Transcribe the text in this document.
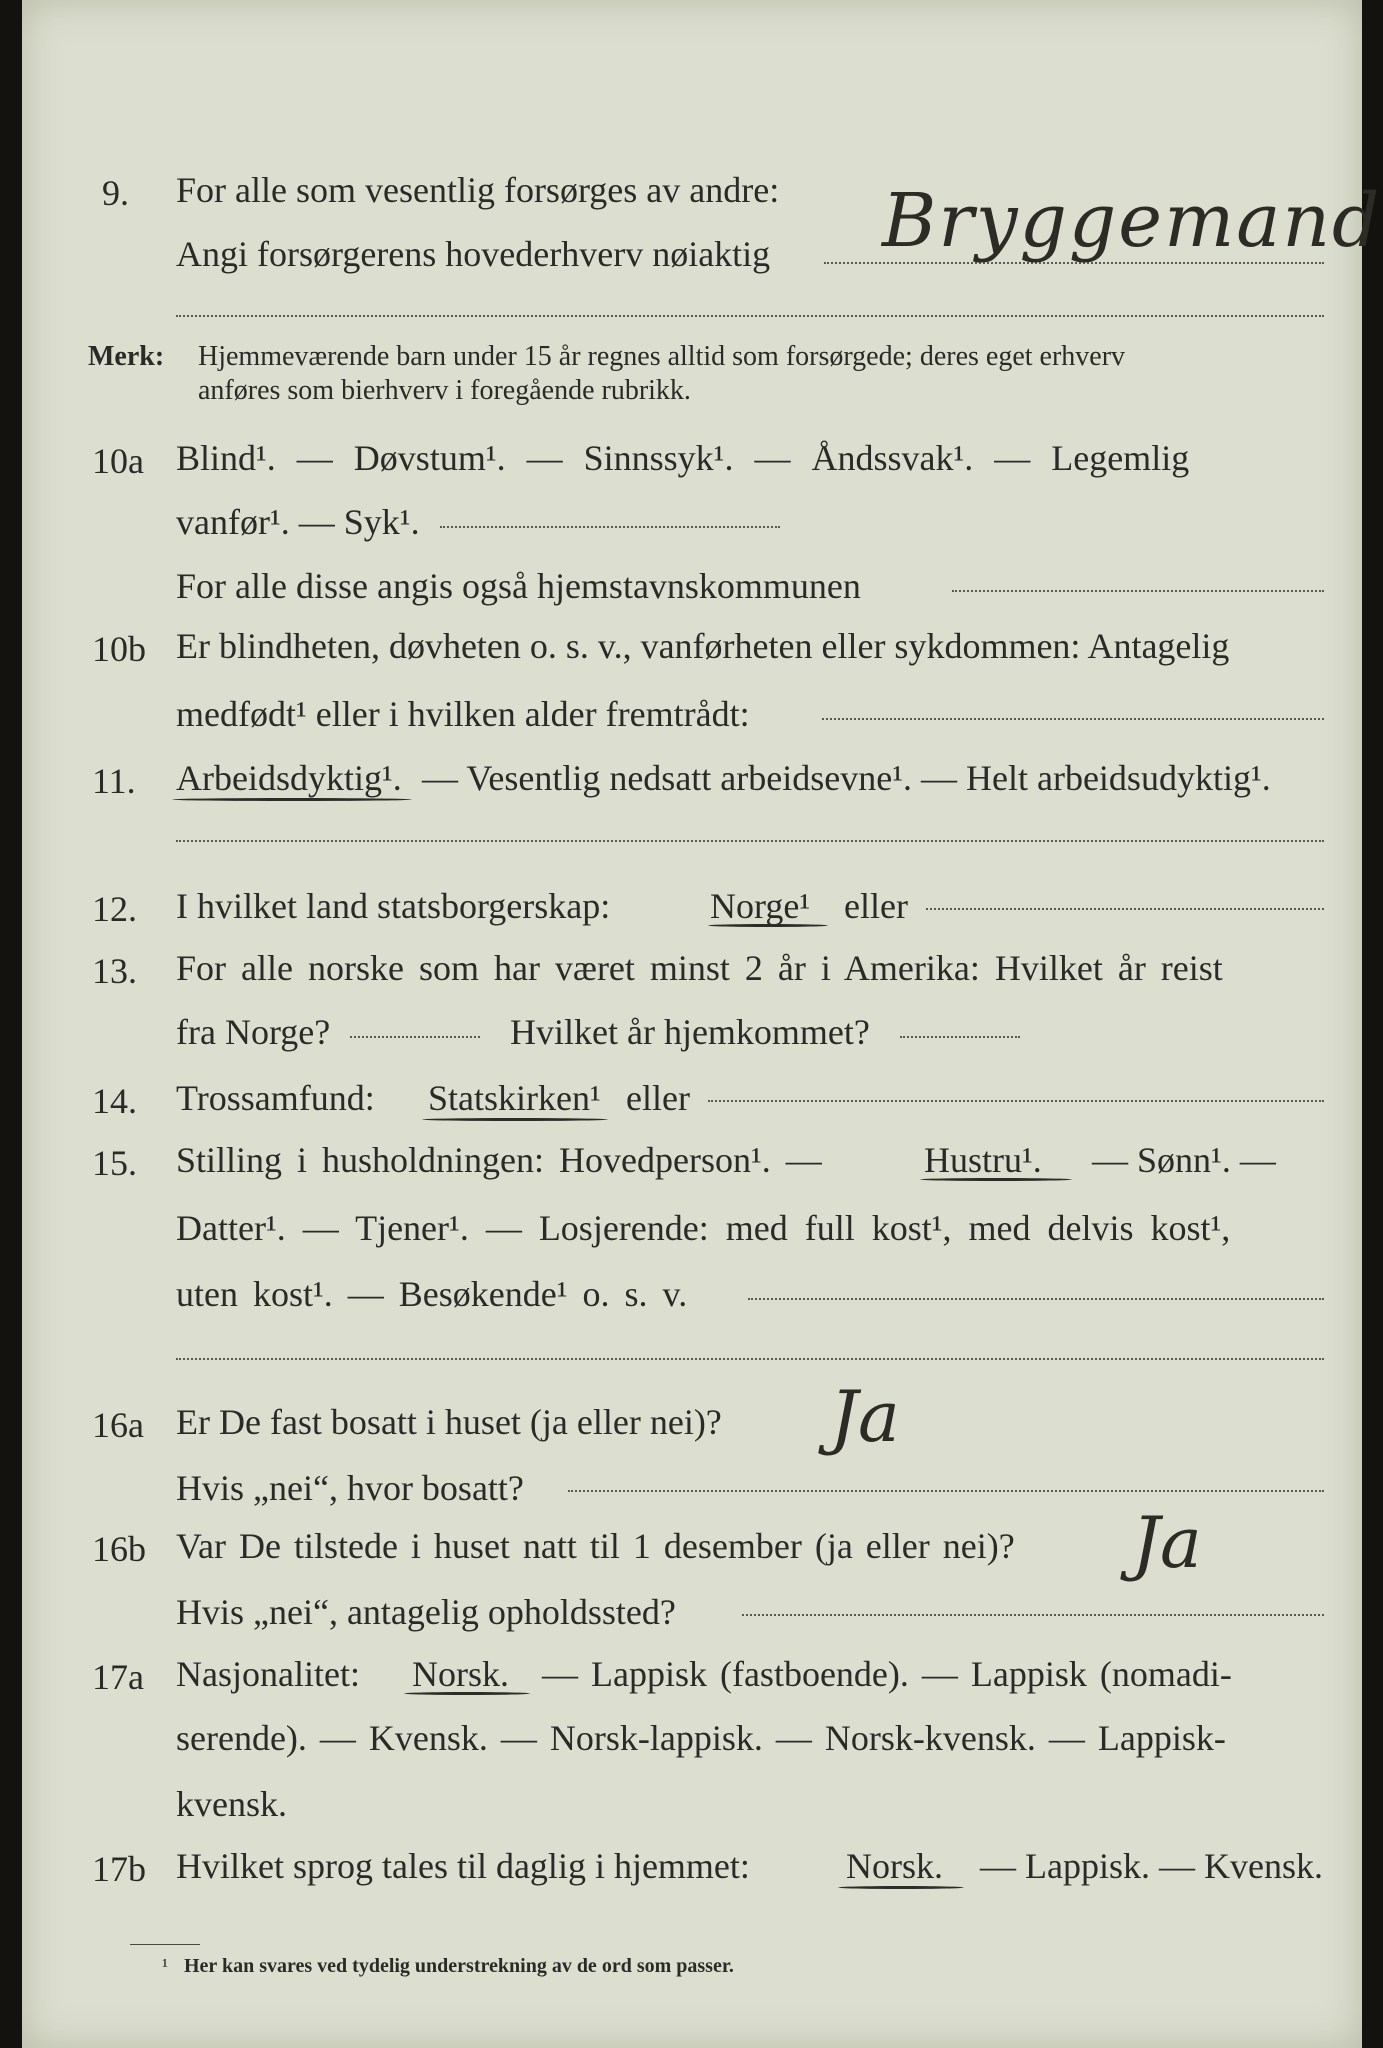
9. For alle som vesentlig forsørges av andre:
Angi forsørgerens hovederhverv nøiaktig Bryggemand
Merk: Hjemmeværende barn under 15 år regnes alltid som forsørgede; deres eget erhverv
anføres som bierhverv i foregående rubrikk.
10a Blind¹. — Døvstum¹. — Sinnssyk¹. — Åndssvak¹. — Legemlig
vanfør¹. — Syk¹.
For alle disse angis også hjemstavnskommunen
10b Er blindheten, døvheten o. s. v., vanførheten eller sykdommen: Antagelig
medfødt¹ eller i hvilken alder fremtrådt:
11. Arbeidsdyktig¹. — Vesentlig nedsatt arbeidsevne¹. — Helt arbeidsudyktig¹.
12. I hvilket land statsborgerskap:	Norge¹ eller
13. For alle norske som har været minst 2 år i Amerika: Hvilket år reist
fra Norge?	Hvilket år hjemkommet?
14. Trossamfund: Statskirken¹ eller
15. Stilling i husholdningen: Hovedperson¹. —	Hustru¹. — Sønn¹. —
Datter¹. — Tjener¹. — Losjerende: med full kost¹, med delvis kost¹,
uten kost¹. — Besøkende¹ o. s. v.
16a Er De fast bosatt i huset (ja eller nei)? Ja
Hvis „nei“, hvor bosatt?
16b Var De tilstede i huset natt til 1 desember (ja eller nei)? Ja
Hvis „nei“, antagelig opholdssted?
17a Nasjonalitet: Norsk. — Lappisk (fastboende). — Lappisk (nomadi-
serende). — Kvensk. — Norsk-lappisk. — Norsk-kvensk. — Lappisk-
kvensk.
17b Hvilket sprog tales til daglig i hjemmet:	Norsk. — Lappisk. — Kvensk.
¹ Her kan svares ved tydelig understrekning av de ord som passer.
